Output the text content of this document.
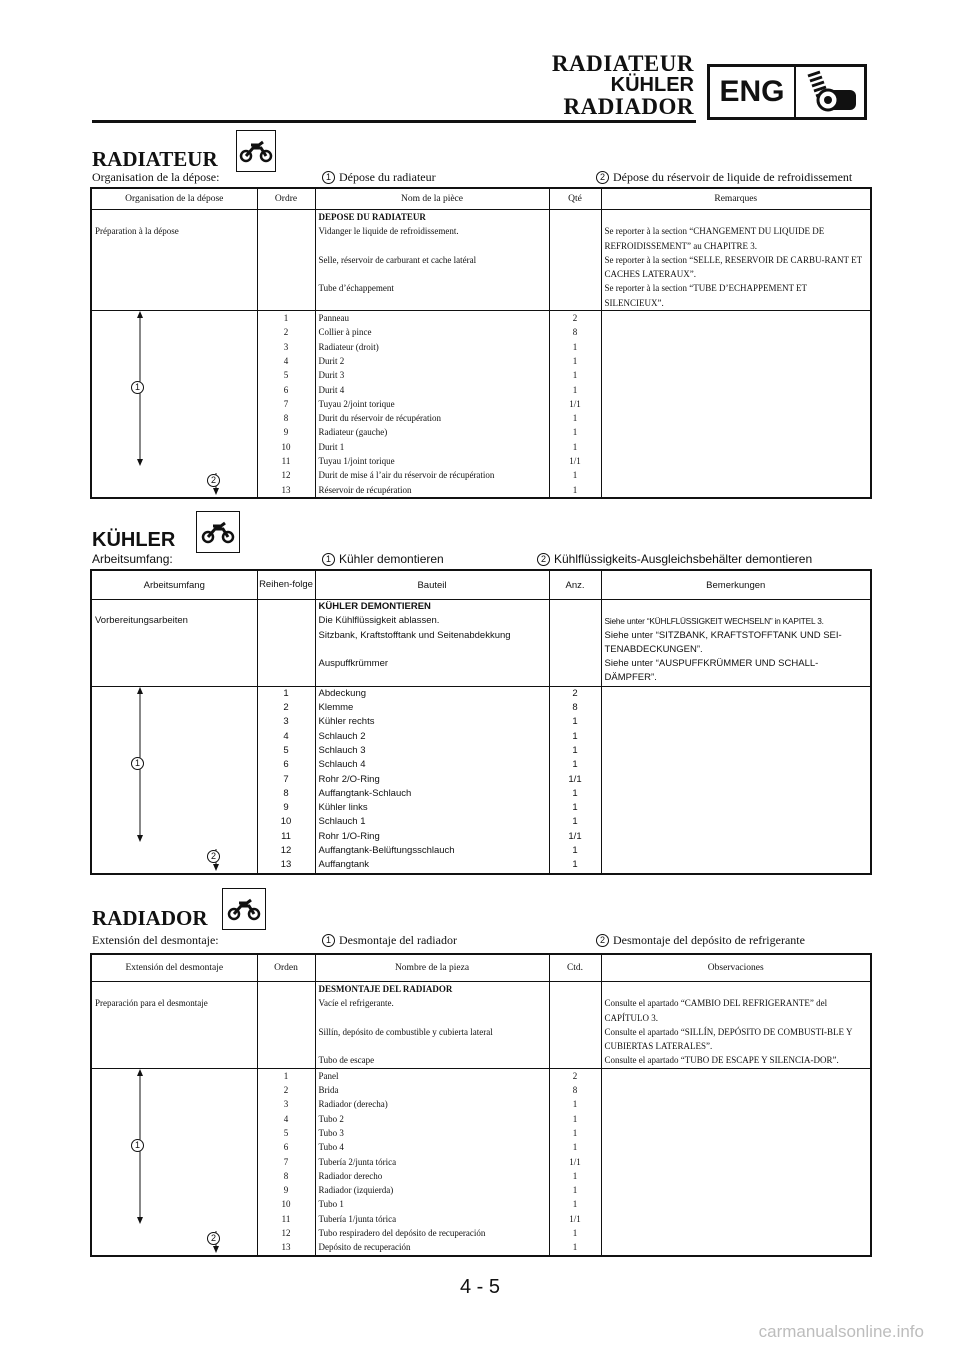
RADIATEUR
KÜHLER
RADIADOR ENG
RADIATEUR
Organisation de la dépose:	1 Dépose du radiateur	2 Dépose du réservoir de liquide de refroidissement
Organisation de la dépose	Ordre	Nom de la pièce	Qté	Remarques
		DEPOSE DU RADIATEUR		
Préparation à la dépose		Vidanger le liquide de refroidissement.		Se reporter à la section “CHANGEMENT DU LIQUIDE DE REFROIDISSEMENT” au CHAPITRE 3.
		Selle, réservoir de carburant et cache latéral		Se reporter à la section “SELLE, RESERVOIR DE CARBU-RANT ET CACHES LATERAUX”.
		Tube d’échappement		Se reporter à la section “TUBE D’ECHAPPEMENT ET SILENCIEUX”.

1
2	1	Panneau	2	
	2	Collier à pince	8	
	3	Radiateur (droit)	1	
	4	Durit 2	1	
	5	Durit 3	1	
	6	Durit 4	1	
	7	Tuyau 2/joint torique	1/1	
	8	Durit du réservoir de récupération	1	
	9	Radiateur (gauche)	1	
	10	Durit 1	1	
	11	Tuyau 1/joint torique	1/1	
	12	Durit de mise á l’air du réservoir de récupération	1	
	13	Réservoir de récupération	1	
KÜHLER
Arbeitsumfang:	1 Kühler demontieren	2 Kühlflüssigkeits-Ausgleichsbehälter demontieren
Arbeitsumfang	Reihen-folge	Bauteil	Anz.	Bemerkungen
		KÜHLER DEMONTIEREN		
Vorbereitungsarbeiten		Die Kühlflüssigkeit ablassen.		Siehe unter “KÜHLFLÜSSIGKEIT WECHSELN” in KAPITEL 3.
		Sitzbank, Kraftstofftank und Seitenabdekkung		Siehe unter “SITZBANK, KRAFTSTOFFTANK UND SEI-TENABDECKUNGEN”.
		Auspuffkrümmer		Siehe unter “AUSPUFFKRÜMMER UND SCHALL-DÄMPFER”.

1
2	1	Abdeckung	2	
	2	Klemme	8	
	3	Kühler rechts	1	
	4	Schlauch 2	1	
	5	Schlauch 3	1	
	6	Schlauch 4	1	
	7	Rohr 2/O-Ring	1/1	
	8	Auffangtank-Schlauch	1	
	9	Kühler links	1	
	10	Schlauch 1	1	
	11	Rohr 1/O-Ring	1/1	
	12	Auffangtank-Belüftungsschlauch	1	
	13	Auffangtank	1	
RADIADOR
Extensión del desmontaje:	1 Desmontaje del radiador	2 Desmontaje del depósito de refrigerante
Extensión del desmontaje	Orden	Nombre de la pieza	Ctd.	Observaciones
		DESMONTAJE DEL RADIADOR		
Preparación para el desmontaje		Vacíe el refrigerante.		Consulte el apartado “CAMBIO DEL REFRIGERANTE” del CAPÍTULO 3.
		Sillín, depósito de combustible y cubierta lateral		Consulte el apartado “SILLÍN, DEPÓSITO DE COMBUSTI-BLE Y CUBIERTAS LATERALES”.
		Tubo de escape		Consulte el apartado “TUBO DE ESCAPE Y SILENCIA-DOR”.

1
2	1	Panel	2	
	2	Brida	8	
	3	Radiador (derecha)	1	
	4	Tubo 2	1	
	5	Tubo 3	1	
	6	Tubo 4	1	
	7	Tubería 2/junta tórica	1/1	
	8	Radiador derecho	1	
	9	Radiador (izquierda)	1	
	10	Tubo 1	1	
	11	Tubería 1/junta tórica	1/1	
	12	Tubo respiradero del depósito de recuperación	1	
	13	Depósito de recuperación	1	
4 - 5
carmanualsonline.info
